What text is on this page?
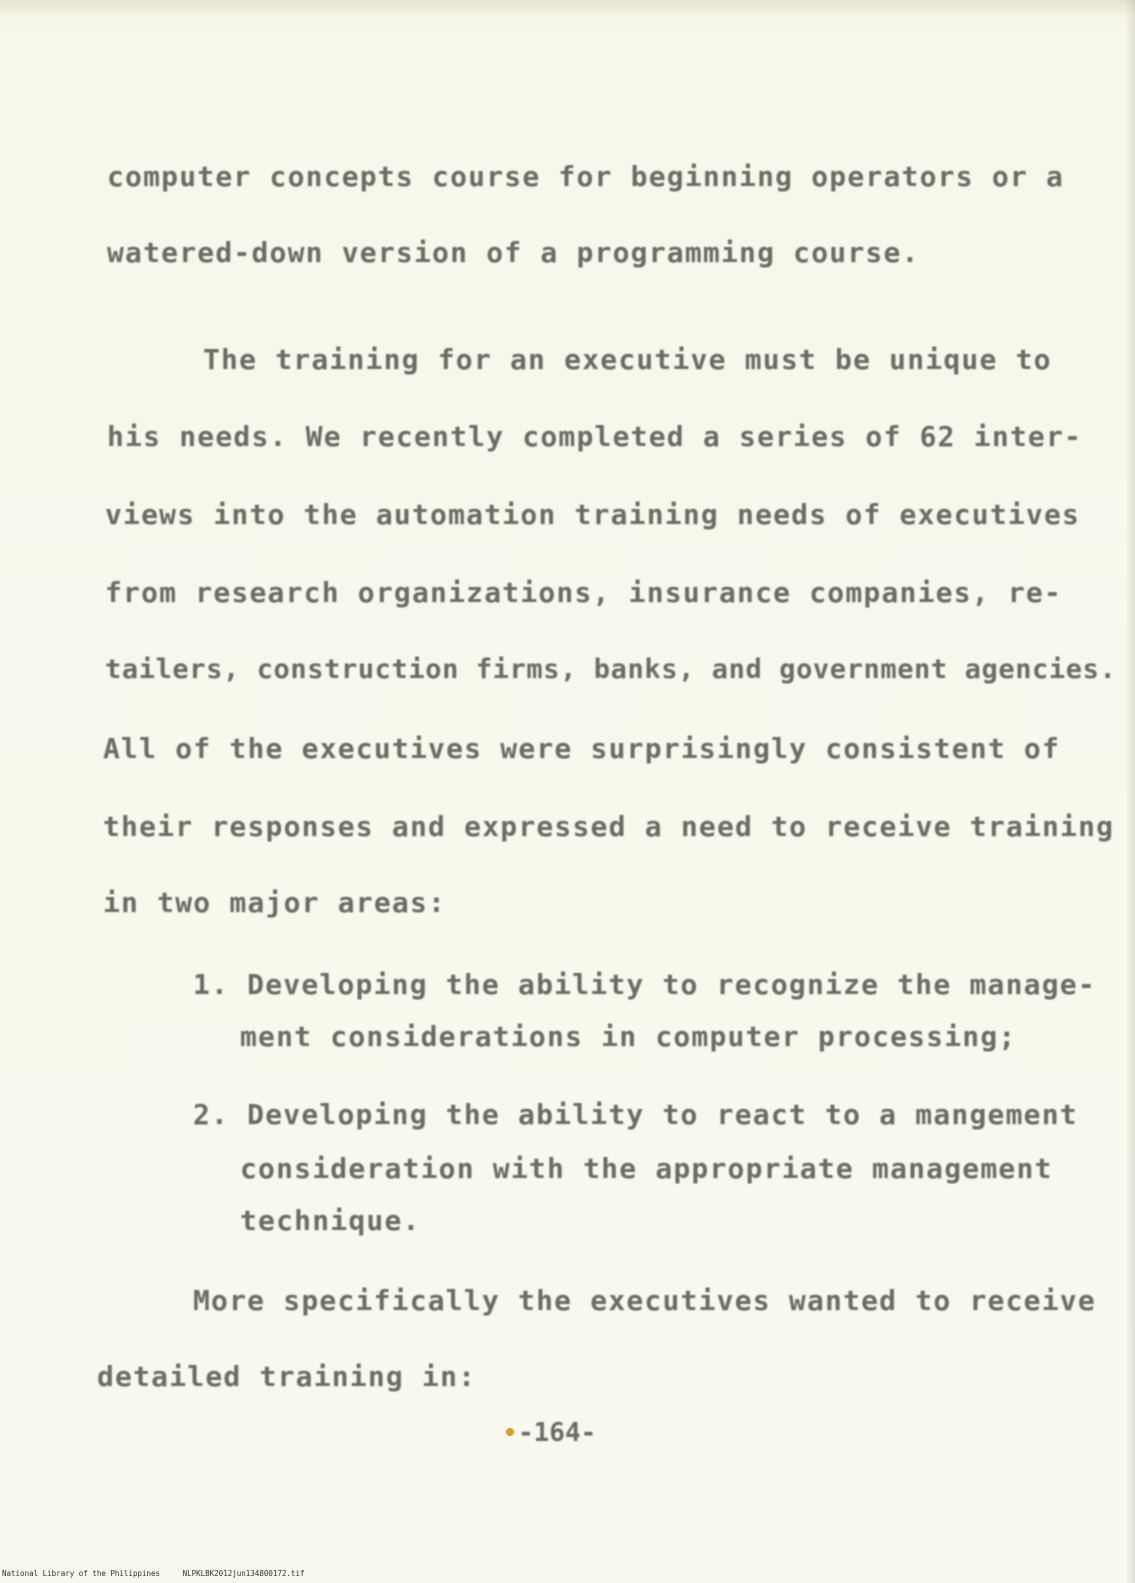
computer concepts course for beginning operators or a
watered-down version of a programming course.
The training for an executive must be unique to
his needs. We recently completed a series of 62 inter-
views into the automation training needs of executives
from research organizations, insurance companies, re-
tailers, construction firms, banks, and government agencies.
All of the executives were surprisingly consistent of
their responses and expressed a need to receive training
in two major areas:
1. Developing the ability to recognize the manage-
ment considerations in computer processing;
2. Developing the ability to react to a mangement
consideration with the appropriate management
technique.
More specifically the executives wanted to receive
detailed training in:
-164-
National Library of the Philippines	NLPKLBK2012jun134800172.tif
